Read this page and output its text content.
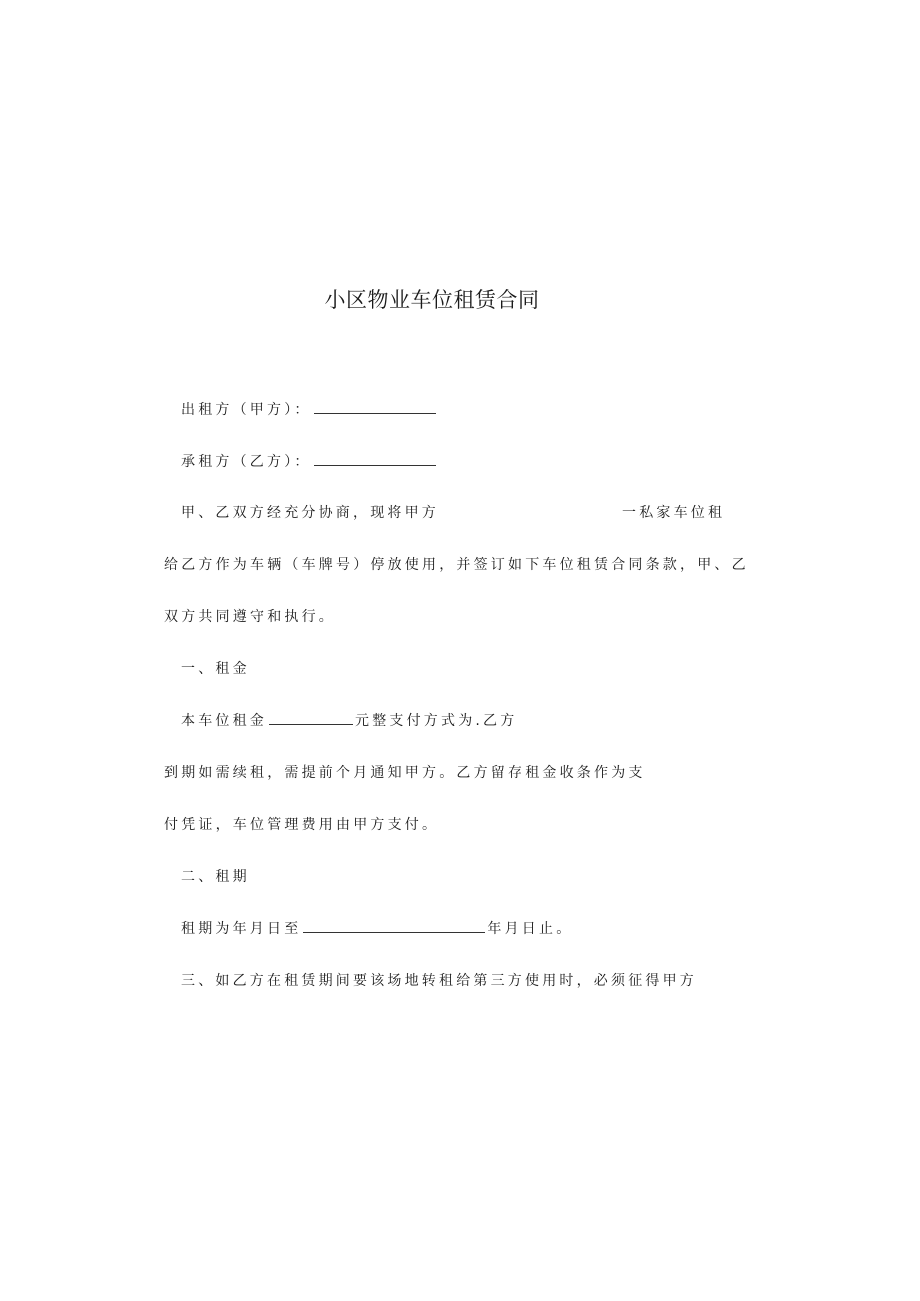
小区物业车位租赁合同
出租方（甲方）：
承租方（乙方）：
甲、乙双方经充分协商，现将甲方	一私家车位租
给乙方作为车辆（车牌号）停放使用，并签订如下车位租赁合同条款，甲、乙
双方共同遵守和执行。
一、租金
本车位租金	元整支付方式为.乙方
到期如需续租，需提前个月通知甲方。乙方留存租金收条作为支
付凭证，车位管理费用由甲方支付。
二、租期
租期为年月日至	年月日止。
三、如乙方在租赁期间要该场地转租给第三方使用时，必须征得甲方
